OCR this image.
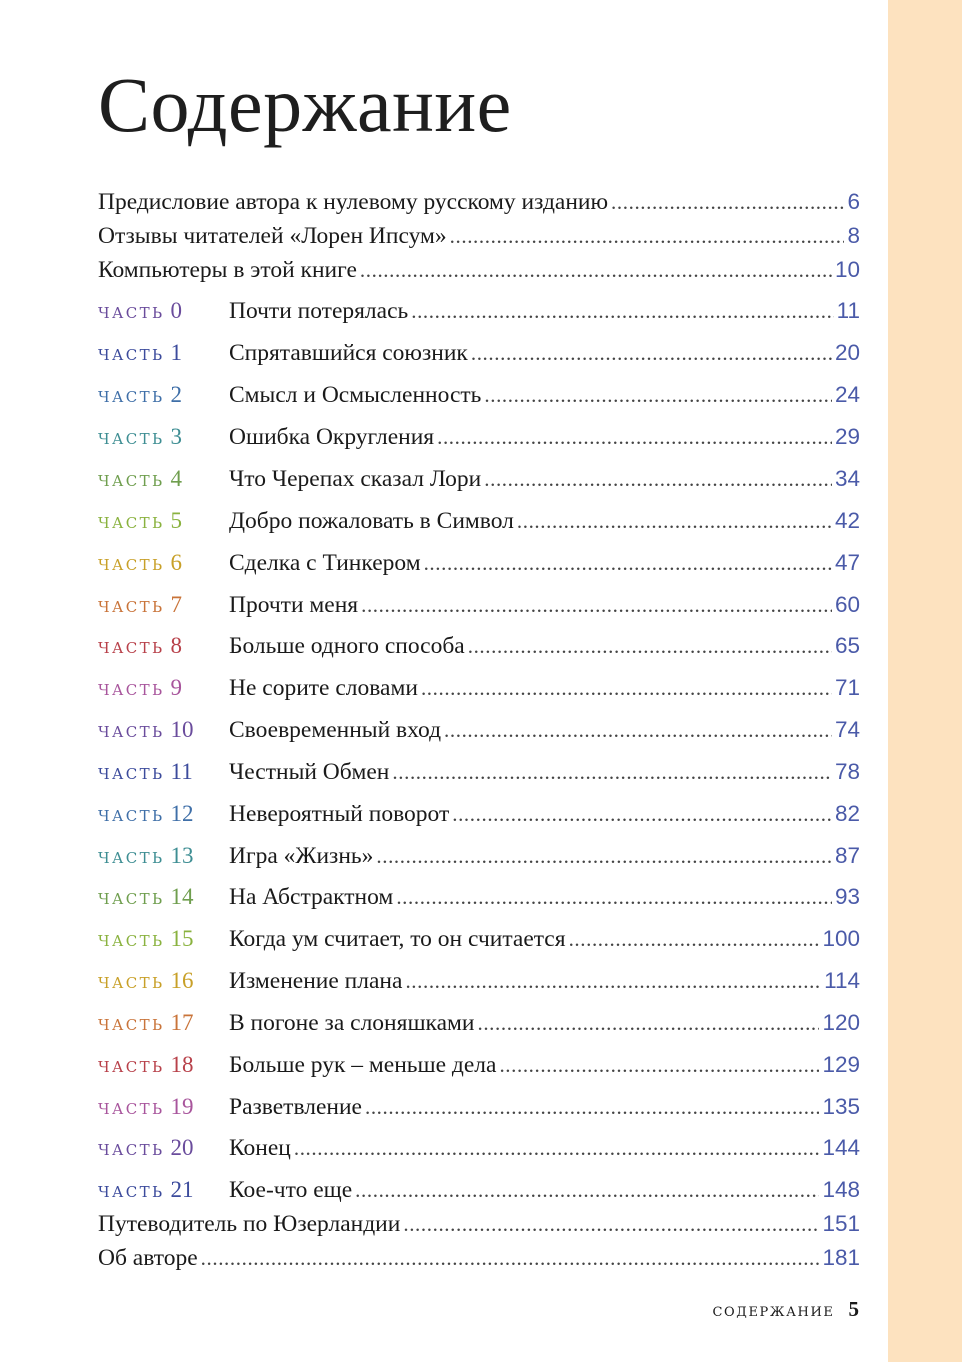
Содержание
Предисловие автора к нулевому русскому изданию .....	6
Отзывы читателей «Лорен Ипсум» .....	8
Компьютеры в этой книге .....	10
ЧАСТЬ 0	Почти потерялась .....	11
ЧАСТЬ 1	Спрятавшийся союзник .....	20
ЧАСТЬ 2	Смысл и Осмысленность .....	24
ЧАСТЬ 3	Ошибка Округления .....	29
ЧАСТЬ 4	Что Черепах сказал Лори .....	34
ЧАСТЬ 5	Добро пожаловать в Символ .....	42
ЧАСТЬ 6	Сделка с Тинкером .....	47
ЧАСТЬ 7	Прочти меня .....	60
ЧАСТЬ 8	Больше одного способа .....	65
ЧАСТЬ 9	Не сорите словами .....	71
ЧАСТЬ 10	Своевременный вход .....	74
ЧАСТЬ 11	Честный Обмен .....	78
ЧАСТЬ 12	Невероятный поворот .....	82
ЧАСТЬ 13	Игра «Жизнь» .....	87
ЧАСТЬ 14	На Абстрактном .....	93
ЧАСТЬ 15	Когда ум считает, то он считается .....	100
ЧАСТЬ 16	Изменение плана .....	114
ЧАСТЬ 17	В погоне за слоняшками .....	120
ЧАСТЬ 18	Больше рук – меньше дела .....	129
ЧАСТЬ 19	Разветвление .....	135
ЧАСТЬ 20	Конец .....	144
ЧАСТЬ 21	Кое-что еще .....	148
Путеводитель по Юзерландии .....	151
Об авторе .....	181
СОДЕРЖАНИЕ 5
